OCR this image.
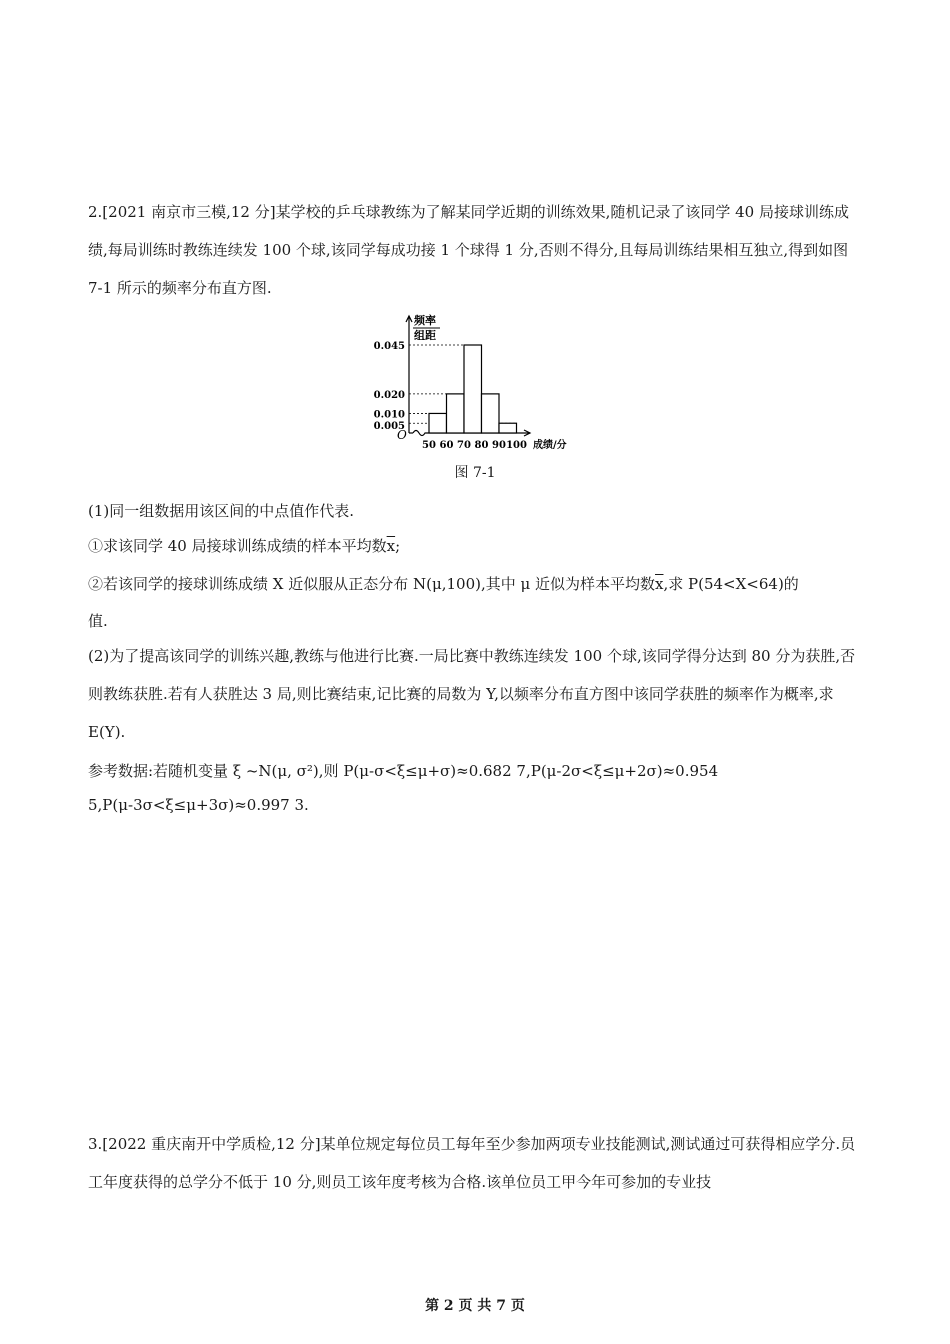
2.[2021 南京市三模,12 分]某学校的乒乓球教练为了解某同学近期的训练效果,随机记录了该同学 40 局接球训练成绩,每局训练时教练连续发 100 个球,该同学每成功接 1 个球得 1 分,否则不得分,且每局训练结果相互独立,得到如图 7-1 所示的频率分布直方图.

频率
组距
O
0.045
0.020
0.010
0.005
50 60 70 80 90 100 成绩/分
图 7-1

(1)同一组数据用该区间的中点值作代表.

①求该同学 40 局接球训练成绩的样本平均数$\overline{x}$;

②若该同学的接球训练成绩 X 近似服从正态分布 N(μ,100),其中 μ 近似为样本平均数$\overline{x}$,求 P(54<X<64)的

值.

(2)为了提高该同学的训练兴趣,教练与他进行比赛.一局比赛中教练连续发 100 个球,该同学得分达到 80 分为获胜,否则教练获胜.若有人获胜达 3 局,则比赛结束,记比赛的局数为 Y,以频率分布直方图中该同学获胜的频率作为概率,求 E(Y).

参考数据:若随机变量 ξ ~N(μ, σ²),则 P(μ-σ<ξ≤μ+σ)≈0.682 7,P(μ-2σ<ξ≤μ+2σ)≈0.954

5,P(μ-3σ<ξ≤μ+3σ)≈0.997 3.

3.[2022 重庆南开中学质检,12 分]某单位规定每位员工每年至少参加两项专业技能测试,测试通过可获得相应学分.员工年度获得的总学分不低于 10 分,则员工该年度考核为合格.该单位员工甲今年可参加的专业技

第 2 页 共 7 页
